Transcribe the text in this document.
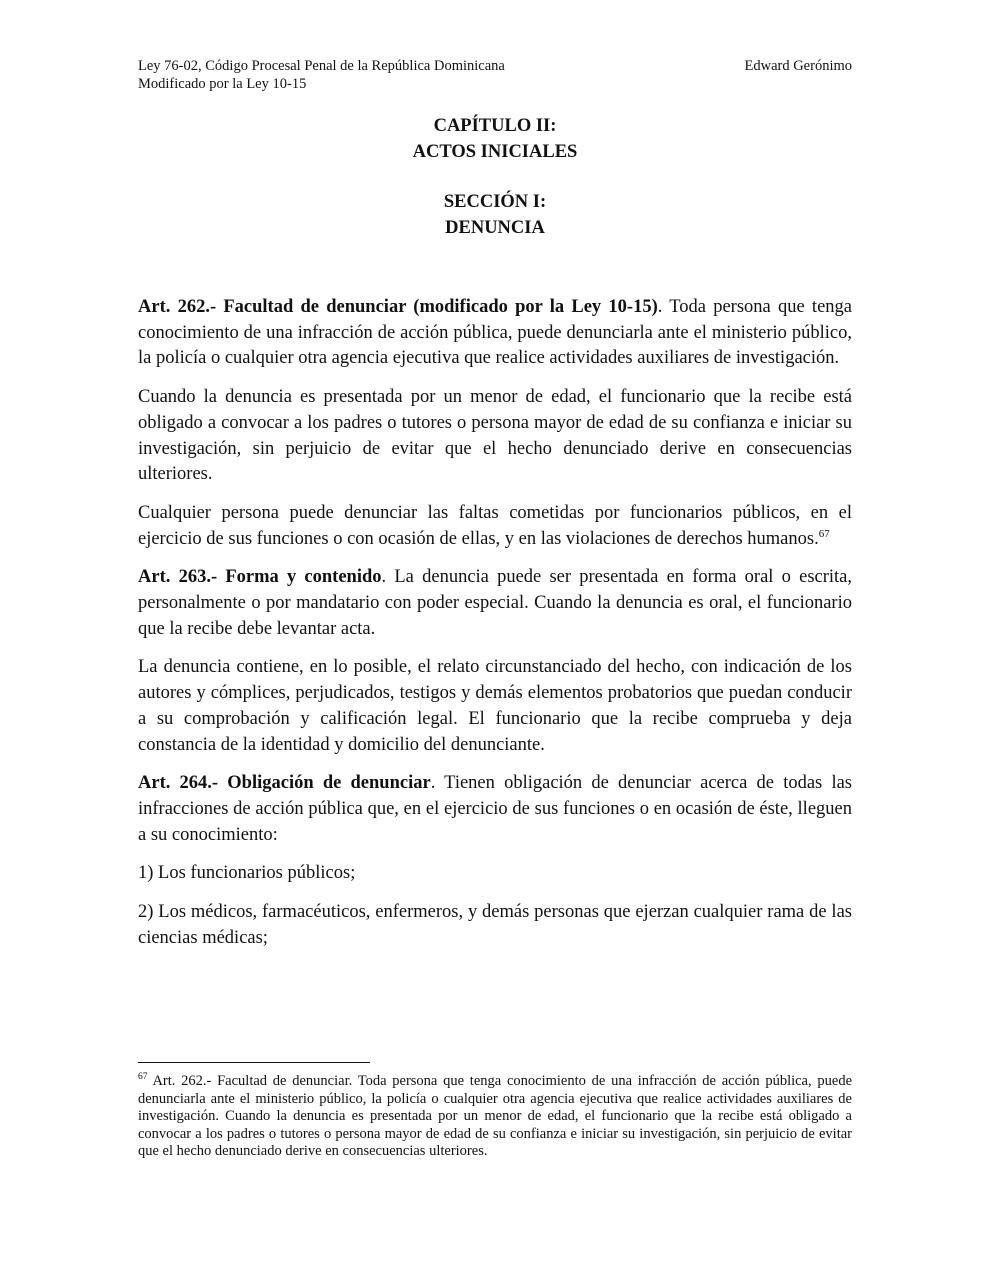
Ley 76-02, Código Procesal Penal de la República Dominicana
Modificado por la Ley 10-15
Edward Gerónimo
CAPÍTULO II:
ACTOS INICIALES
SECCIÓN I:
DENUNCIA

Art. 262.- Facultad de denunciar (modificado por la Ley 10-15). Toda persona que tenga conocimiento de una infracción de acción pública, puede denunciarla ante el ministerio público, la policía o cualquier otra agencia ejecutiva que realice actividades auxiliares de investigación.

Cuando la denuncia es presentada por un menor de edad, el funcionario que la recibe está obligado a convocar a los padres o tutores o persona mayor de edad de su confianza e iniciar su investigación, sin perjuicio de evitar que el hecho denunciado derive en consecuencias ulteriores.

Cualquier persona puede denunciar las faltas cometidas por funcionarios públicos, en el ejercicio de sus funciones o con ocasión de ellas, y en las violaciones de derechos humanos.$^{67}$

Art. 263.- Forma y contenido. La denuncia puede ser presentada en forma oral o escrita, personalmente o por mandatario con poder especial. Cuando la denuncia es oral, el funcionario que la recibe debe levantar acta.

La denuncia contiene, en lo posible, el relato circunstanciado del hecho, con indicación de los autores y cómplices, perjudicados, testigos y demás elementos probatorios que puedan conducir a su comprobación y calificación legal. El funcionario que la recibe comprueba y deja constancia de la identidad y domicilio del denunciante.

Art. 264.- Obligación de denunciar. Tienen obligación de denunciar acerca de todas las infracciones de acción pública que, en el ejercicio de sus funciones o en ocasión de éste, lleguen a su conocimiento:

1) Los funcionarios públicos;

2) Los médicos, farmacéuticos, enfermeros, y demás personas que ejerzan cualquier rama de las ciencias médicas;

$^{67}$ Art. 262.- Facultad de denunciar. Toda persona que tenga conocimiento de una infracción de acción pública, puede denunciarla ante el ministerio público, la policía o cualquier otra agencia ejecutiva que realice actividades auxiliares de investigación. Cuando la denuncia es presentada por un menor de edad, el funcionario que la recibe está obligado a convocar a los padres o tutores o persona mayor de edad de su confianza e iniciar su investigación, sin perjuicio de evitar que el hecho denunciado derive en consecuencias ulteriores.
